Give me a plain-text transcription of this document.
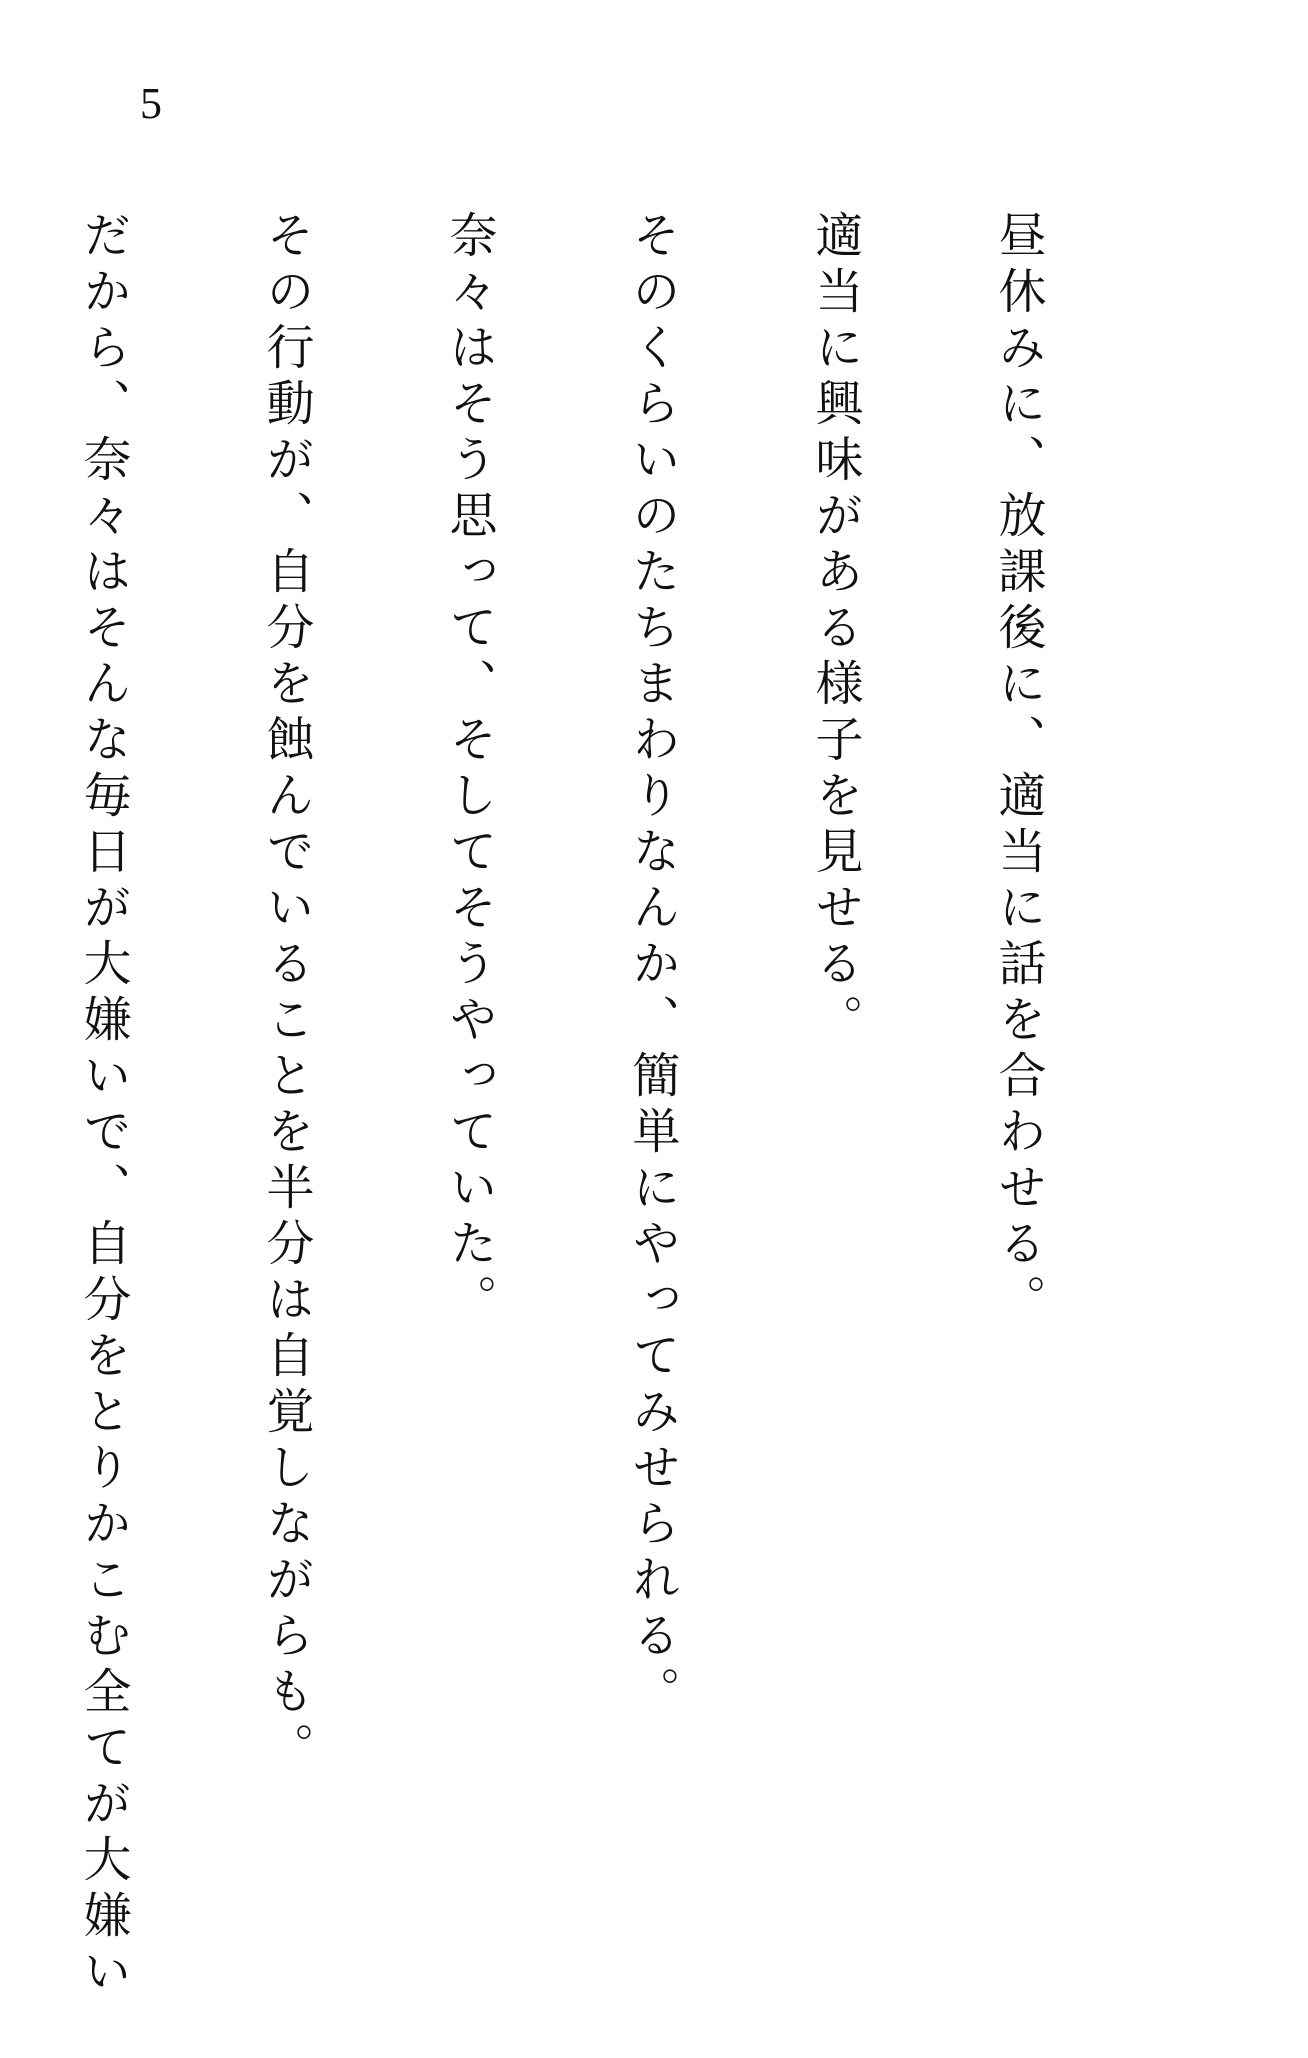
5

昼休みに、放課後に、適当に話を合わせる。

適当に興味がある様子を見せる。

そのくらいのたちまわりなんか、簡単にやってみせられる。

奈々はそう思って、そしてそうやっていた。

その行動が、自分を蝕んでいることを半分は自覚しながらも。

だから、奈々はそんな毎日が大嫌いで、自分をとりかこむ全てが大嫌い
